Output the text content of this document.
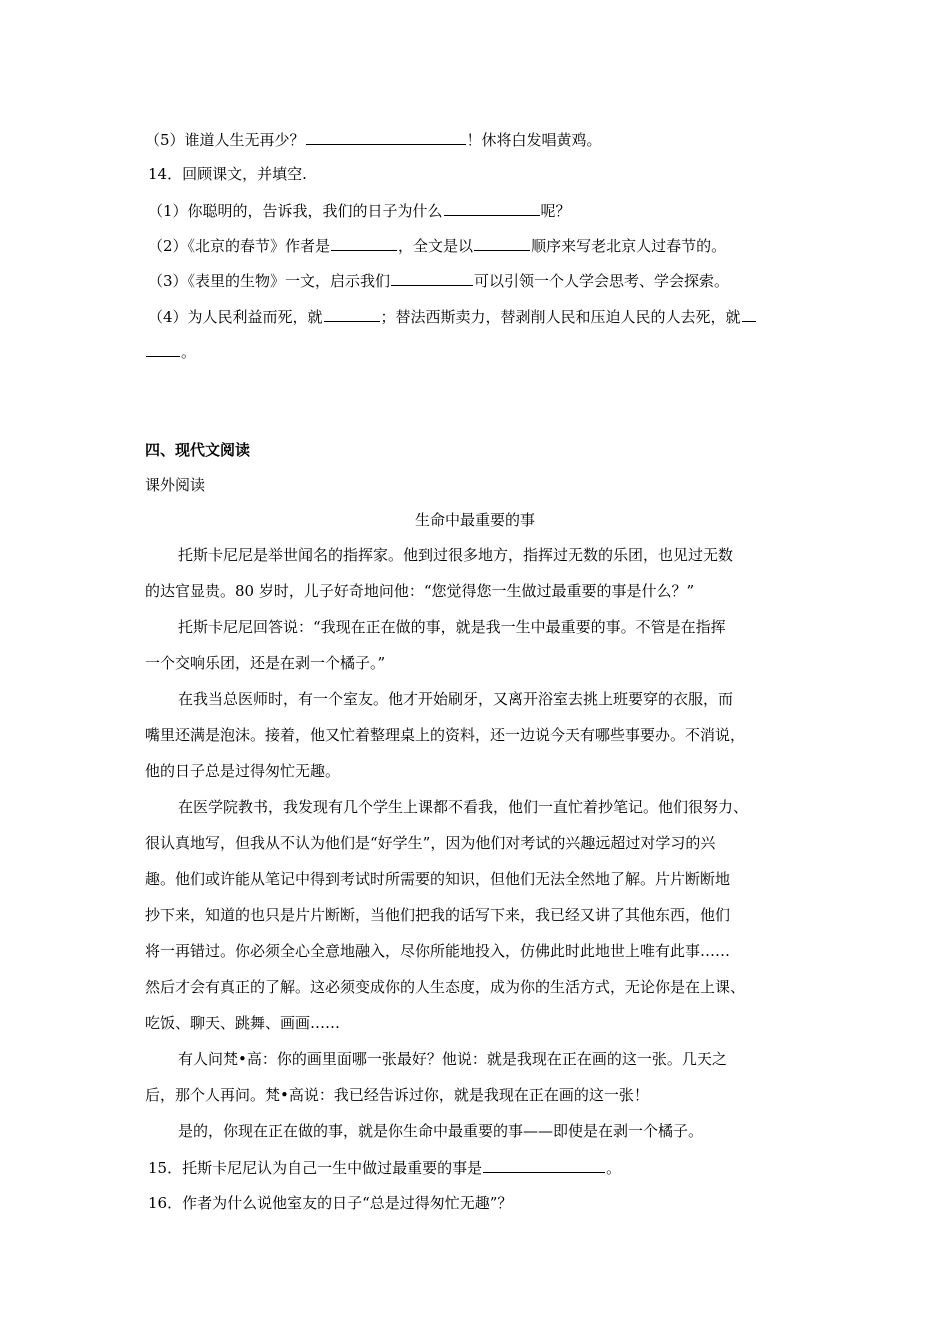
（5）谁道人生无再少？	！休将白发唱黄鸡。
14．回顾课文，并填空.
（1）你聪明的，告诉我，我们的日子为什么	呢？
（2）《北京的春节》作者是	，全文是以	顺序来写老北京人过春节的。
（3）《表里的生物》一文，启示我们	可以引领一个人学会思考、学会探索。
（4）为人民利益而死，就	；替法西斯卖力，替剥削人民和压迫人民的人去死，就
。
四、现代文阅读
课外阅读
生命中最重要的事
托斯卡尼尼是举世闻名的指挥家。他到过很多地方，指挥过无数的乐团，也见过无数
的达官显贵。80 岁时，儿子好奇地问他：“您觉得您一生做过最重要的事是什么？”
托斯卡尼尼回答说：“我现在正在做的事，就是我一生中最重要的事。不管是在指挥
一个交响乐团，还是在剥一个橘子。”
在我当总医师时，有一个室友。他才开始刷牙，又离开浴室去挑上班要穿的衣服，而
嘴里还满是泡沫。接着，他又忙着整理桌上的资料，还一边说今天有哪些事要办。不消说，
他的日子总是过得匆忙无趣。
在医学院教书，我发现有几个学生上课都不看我，他们一直忙着抄笔记。他们很努力、
很认真地写，但我从不认为他们是“好学生”，因为他们对考试的兴趣远超过对学习的兴
趣。他们或许能从笔记中得到考试时所需要的知识，但他们无法全然地了解。片片断断地
抄下来，知道的也只是片片断断，当他们把我的话写下来，我已经又讲了其他东西，他们
将一再错过。你必须全心全意地融入，尽你所能地投入，仿佛此时此地世上唯有此事……
然后才会有真正的了解。这必须变成你的人生态度，成为你的生活方式，无论你是在上课、
吃饭、聊天、跳舞、画画……
有人问梵•高：你的画里面哪一张最好？他说：就是我现在正在画的这一张。几天之
后，那个人再问。梵•高说：我已经告诉过你，就是我现在正在画的这一张！
是的，你现在正在做的事，就是你生命中最重要的事——即使是在剥一个橘子。
15．托斯卡尼尼认为自己一生中做过最重要的事是	。
16．作者为什么说他室友的日子“总是过得匆忙无趣”？
